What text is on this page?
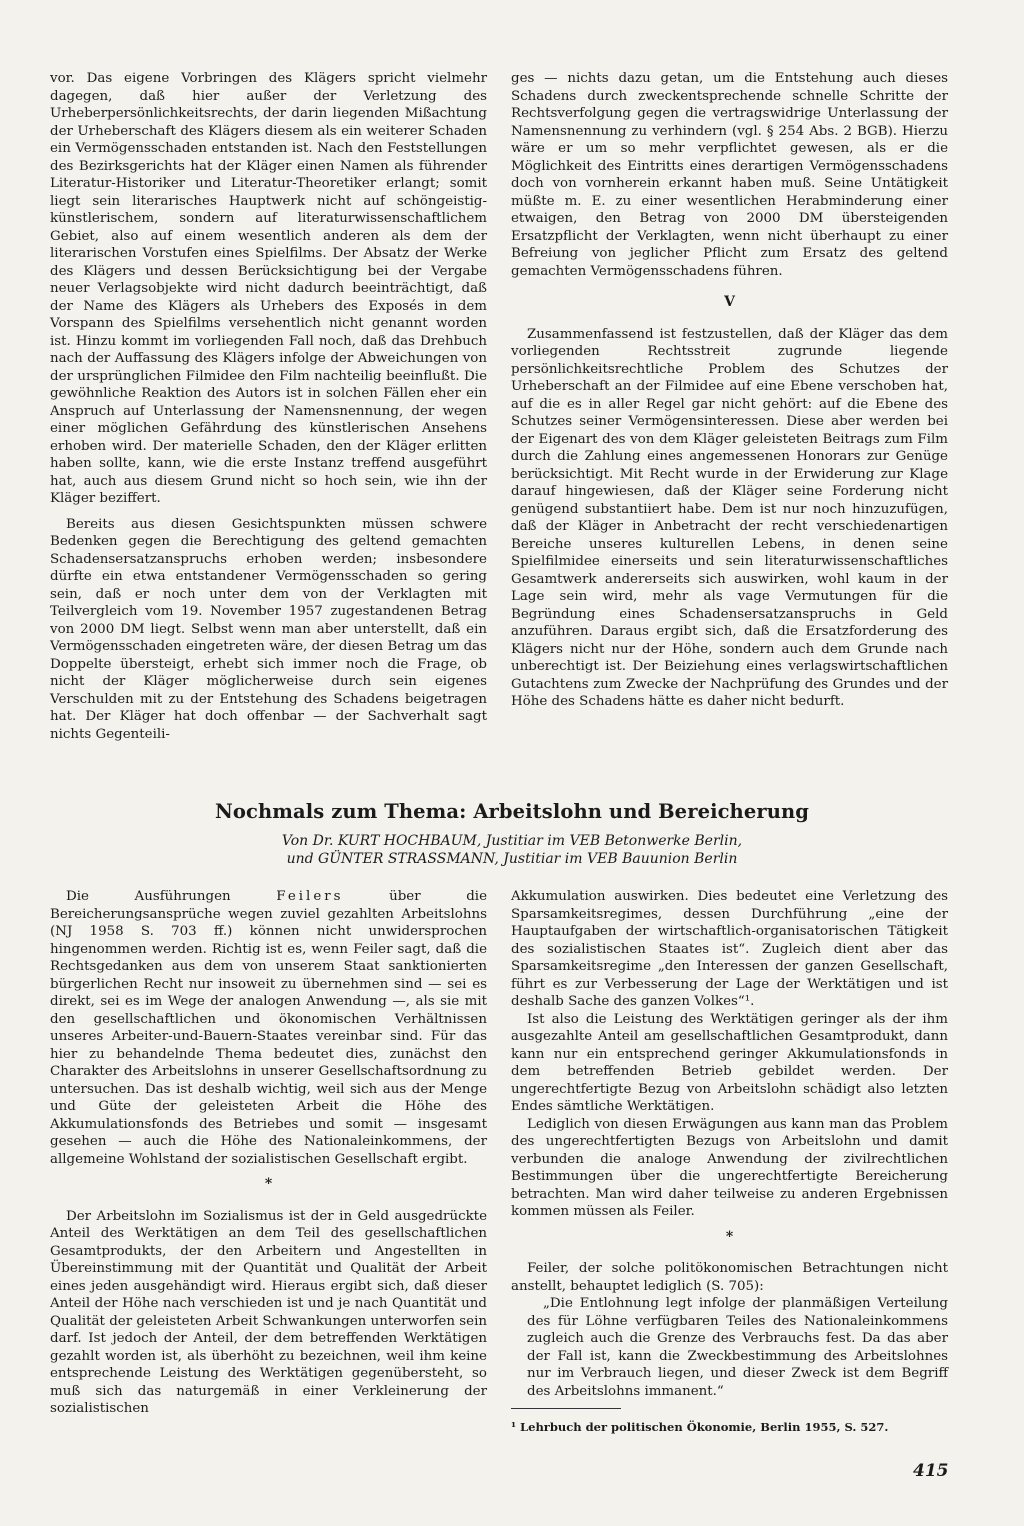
vor. Das eigene Vorbringen des Klägers spricht vielmehr dagegen, daß hier außer der Verletzung des Urheberpersönlichkeitsrechts, der darin liegenden Mißachtung der Urheberschaft des Klägers diesem als ein weiterer Schaden ein Vermögensschaden entstanden ist. Nach den Feststellungen des Bezirksgerichts hat der Kläger einen Namen als führender Literatur-Historiker und Literatur-Theoretiker erlangt; somit liegt sein literarisches Hauptwerk nicht auf schöngeistig-künstlerischem, sondern auf literaturwissenschaftlichem Gebiet, also auf einem wesentlich anderen als dem der literarischen Vorstufen eines Spielfilms. Der Absatz der Werke des Klägers und dessen Berücksichtigung bei der Vergabe neuer Verlagsobjekte wird nicht dadurch beeinträchtigt, daß der Name des Klägers als Urhebers des Exposés in dem Vorspann des Spielfilms versehentlich nicht genannt worden ist. Hinzu kommt im vorliegenden Fall noch, daß das Drehbuch nach der Auffassung des Klägers infolge der Abweichungen von der ursprünglichen Filmidee den Film nachteilig beeinflußt. Die gewöhnliche Reaktion des Autors ist in solchen Fällen eher ein Anspruch auf Unterlassung der Namensnennung, der wegen einer möglichen Gefährdung des künstlerischen Ansehens erhoben wird. Der materielle Schaden, den der Kläger erlitten haben sollte, kann, wie die erste Instanz treffend ausgeführt hat, auch aus diesem Grund nicht so hoch sein, wie ihn der Kläger beziffert.

Bereits aus diesen Gesichtspunkten müssen schwere Bedenken gegen die Berechtigung des geltend gemachten Schadensersatzanspruchs erhoben werden; insbesondere dürfte ein etwa entstandener Vermögensschaden so gering sein, daß er noch unter dem von der Verklagten mit Teilvergleich vom 19. November 1957 zugestandenen Betrag von 2000 DM liegt. Selbst wenn man aber unterstellt, daß ein Vermögensschaden eingetreten wäre, der diesen Betrag um das Doppelte übersteigt, erhebt sich immer noch die Frage, ob nicht der Kläger möglicherweise durch sein eigenes Verschulden mit zu der Entstehung des Schadens beigetragen hat. Der Kläger hat doch offenbar — der Sachverhalt sagt nichts Gegenteili-

ges — nichts dazu getan, um die Entstehung auch dieses Schadens durch zweckentsprechende schnelle Schritte der Rechtsverfolgung gegen die vertragswidrige Unterlassung der Namensnennung zu verhindern (vgl. § 254 Abs. 2 BGB). Hierzu wäre er um so mehr verpflichtet gewesen, als er die Möglichkeit des Eintritts eines derartigen Vermögensschadens doch von vornherein erkannt haben muß. Seine Untätigkeit müßte m. E. zu einer wesentlichen Herabminderung einer etwaigen, den Betrag von 2000 DM übersteigenden Ersatzpflicht der Verklagten, wenn nicht überhaupt zu einer Befreiung von jeglicher Pflicht zum Ersatz des geltend gemachten Vermögensschadens führen.

V

Zusammenfassend ist festzustellen, daß der Kläger das dem vorliegenden Rechtsstreit zugrunde liegende persönlichkeitsrechtliche Problem des Schutzes der Urheberschaft an der Filmidee auf eine Ebene verschoben hat, auf die es in aller Regel gar nicht gehört: auf die Ebene des Schutzes seiner Vermögensinteressen. Diese aber werden bei der Eigenart des von dem Kläger geleisteten Beitrags zum Film durch die Zahlung eines angemessenen Honorars zur Genüge berücksichtigt. Mit Recht wurde in der Erwiderung zur Klage darauf hingewiesen, daß der Kläger seine Forderung nicht genügend substantiiert habe. Dem ist nur noch hinzuzufügen, daß der Kläger in Anbetracht der recht verschiedenartigen Bereiche unseres kulturellen Lebens, in denen seine Spielfilmidee einerseits und sein literaturwissenschaftliches Gesamtwerk andererseits sich auswirken, wohl kaum in der Lage sein wird, mehr als vage Vermutungen für die Begründung eines Schadensersatzanspruchs in Geld anzuführen. Daraus ergibt sich, daß die Ersatzforderung des Klägers nicht nur der Höhe, sondern auch dem Grunde nach unberechtigt ist. Der Beiziehung eines verlagswirtschaftlichen Gutachtens zum Zwecke der Nachprüfung des Grundes und der Höhe des Schadens hätte es daher nicht bedurft.

Nochmals zum Thema: Arbeitslohn und Bereicherung
Von Dr. KURT HOCHBAUM, Justitiar im VEB Betonwerke Berlin,
und GÜNTER STRASSMANN, Justitiar im VEB Bauunion Berlin

Die Ausführungen	Feilers	über die Bereicherungsansprüche wegen zuviel gezahlten Arbeitslohns (NJ 1958 S. 703 ff.) können nicht unwidersprochen hingenommen werden. Richtig ist es, wenn Feiler sagt, daß die Rechtsgedanken aus dem von unserem Staat sanktionierten bürgerlichen Recht nur insoweit zu übernehmen sind — sei es direkt, sei es im Wege der analogen Anwendung —, als sie mit den gesellschaftlichen und ökonomischen Verhältnissen unseres Arbeiter-und-Bauern-Staates vereinbar sind. Für das hier zu behandelnde Thema bedeutet dies, zunächst den Charakter des Arbeitslohns in unserer Gesellschaftsordnung zu untersuchen. Das ist deshalb wichtig, weil sich aus der Menge und Güte der geleisteten Arbeit die Höhe des Akkumulationsfonds des Betriebes und somit — insgesamt gesehen — auch die Höhe des Nationaleinkommens, der allgemeine Wohlstand der sozialistischen Gesellschaft ergibt.

*

Der Arbeitslohn im Sozialismus ist der in Geld ausgedrückte Anteil des Werktätigen an dem Teil des gesellschaftlichen Gesamtprodukts, der den Arbeitern und Angestellten in Übereinstimmung mit der Quantität und Qualität der Arbeit eines jeden ausgehändigt wird. Hieraus ergibt sich, daß dieser Anteil der Höhe nach verschieden ist und je nach Quantität und Qualität der geleisteten Arbeit Schwankungen unterworfen sein darf. Ist jedoch der Anteil, der dem betreffenden Werktätigen gezahlt worden ist, als überhöht zu bezeichnen, weil ihm keine entsprechende Leistung des Werktätigen gegenübersteht, so muß sich das naturgemäß in einer Verkleinerung der sozialistischen

Akkumulation auswirken. Dies bedeutet eine Verletzung des Sparsamkeitsregimes, dessen Durchführung „eine der Hauptaufgaben der wirtschaftlich-organisatorischen Tätigkeit des sozialistischen Staates ist“. Zugleich dient aber das Sparsamkeitsregime „den Interessen der ganzen Gesellschaft, führt es zur Verbesserung der Lage der Werktätigen und ist deshalb Sache des ganzen Volkes“¹.

Ist also die Leistung des Werktätigen geringer als der ihm ausgezahlte Anteil am gesellschaftlichen Gesamtprodukt, dann kann nur ein entsprechend geringer Akkumulationsfonds in dem betreffenden Betrieb gebildet werden. Der ungerechtfertigte Bezug von Arbeitslohn schädigt also letzten Endes sämtliche Werktätigen.

Lediglich von diesen Erwägungen aus kann man das Problem des ungerechtfertigten Bezugs von Arbeitslohn und damit verbunden die analoge Anwendung der zivilrechtlichen Bestimmungen über die ungerechtfertigte Bereicherung betrachten. Man wird daher teilweise zu anderen Ergebnissen kommen müssen als Feiler.

*

Feiler, der solche politökonomischen Betrachtungen nicht anstellt, behauptet lediglich (S. 705):

„Die Entlohnung legt infolge der planmäßigen Verteilung des für Löhne verfügbaren Teiles des Nationaleinkommens zugleich auch die Grenze des Verbrauchs fest. Da das aber der Fall ist, kann die Zweckbestimmung des Arbeitslohnes nur im Verbrauch liegen, und dieser Zweck ist dem Begriff des Arbeitslohns immanent.“

¹ Lehrbuch der politischen Ökonomie, Berlin 1955, S. 527.
415
